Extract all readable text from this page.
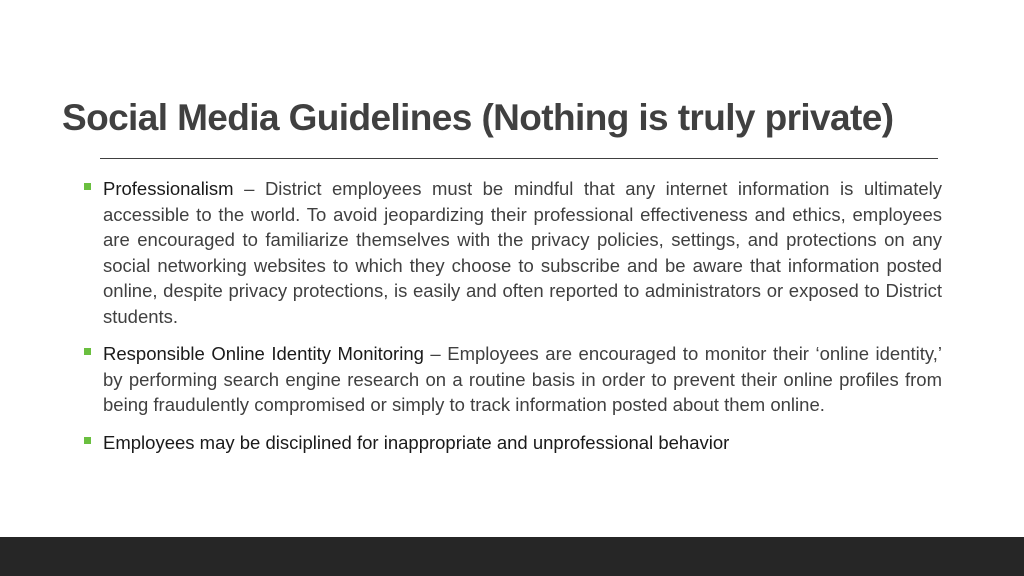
Social Media Guidelines (Nothing is truly private)
Professionalism – District employees must be mindful that any internet information is ultimately accessible to the world. To avoid jeopardizing their professional effectiveness and ethics, employees are encouraged to familiarize themselves with the privacy policies, settings, and protections on any social networking websites to which they choose to subscribe and be aware that information posted online, despite privacy protections, is easily and often reported to administrators or exposed to District students.
Responsible Online Identity Monitoring – Employees are encouraged to monitor their ‘online identity,’ by performing search engine research on a routine basis in order to prevent their online profiles from being fraudulently compromised or simply to track information posted about them online.
Employees may be disciplined for inappropriate and unprofessional behavior
